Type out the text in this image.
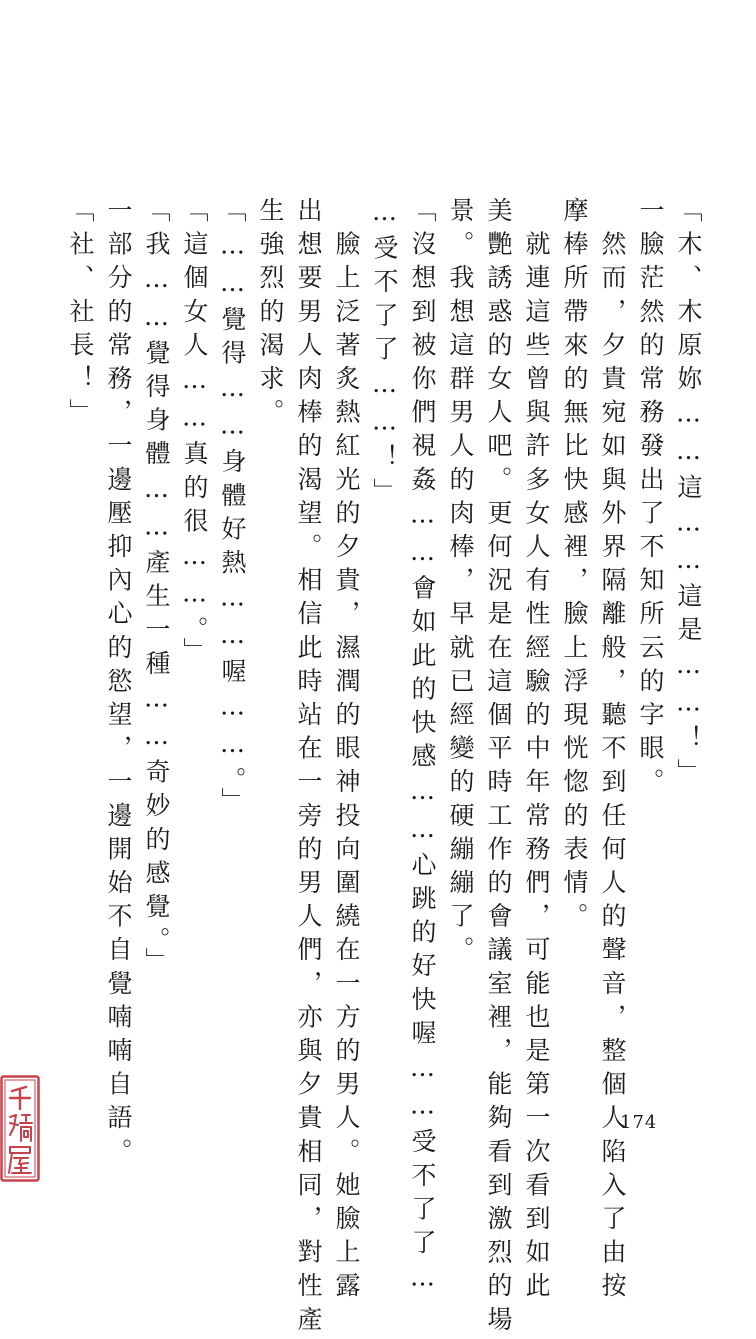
「木、木原妳……這……這是……！」

一臉茫然的常務發出了不知所云的字眼。

　然而，夕貴宛如與外界隔離般，聽不到任何人的聲音，整個人陷入了由按

摩棒所帶來的無比快感裡，臉上浮現恍惚的表情。

　就連這些曾與許多女人有性經驗的中年常務們，可能也是第一次看到如此

美艷誘惑的女人吧。更何況是在這個平時工作的會議室裡，能夠看到激烈的場

景。我想這群男人的肉棒，早就已經變的硬繃繃了。

「沒想到被你們視姦……會如此的快感……心跳的好快喔……受不了了…

…受不了了……！」

　臉上泛著炙熱紅光的夕貴，濕潤的眼神投向圍繞在一方的男人。她臉上露

出想要男人肉棒的渴望。相信此時站在一旁的男人們，亦與夕貴相同，對性產

生強烈的渴求。

「……覺得……身體好熱……喔……。」

「這個女人……真的很……。」

「我……覺得身體……產生一種……奇妙的感覺。」

一部分的常務，一邊壓抑內心的慾望，一邊開始不自覺喃喃自語。

「社、社長！」

174
